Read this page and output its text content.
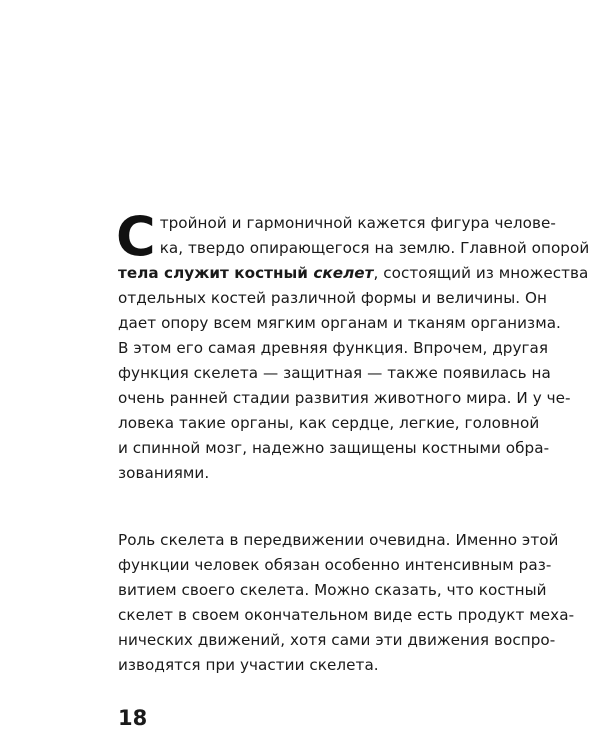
С тройной и гармоничной кажется фигура челове-
ка, твердо опирающегося на землю. Главной опорой
тела служит костный скелет, состоящий из множества
отдельных костей различной формы и величины. Он
дает опору всем мягким органам и тканям организма.
В этом его самая древняя функция. Впрочем, другая
функция скелета — защитная — также появилась на
очень ранней стадии развития животного мира. И у че-
ловека такие органы, как сердце, легкие, головной
и спинной мозг, надежно защищены костными обра-
зованиями.
Роль скелета в передвижении очевидна. Именно этой
функции человек обязан особенно интенсивным раз-
витием своего скелета. Можно сказать, что костный
скелет в своем окончательном виде есть продукт меха-
нических движений, хотя сами эти движения воспро-
изводятся при участии скелета.
18
